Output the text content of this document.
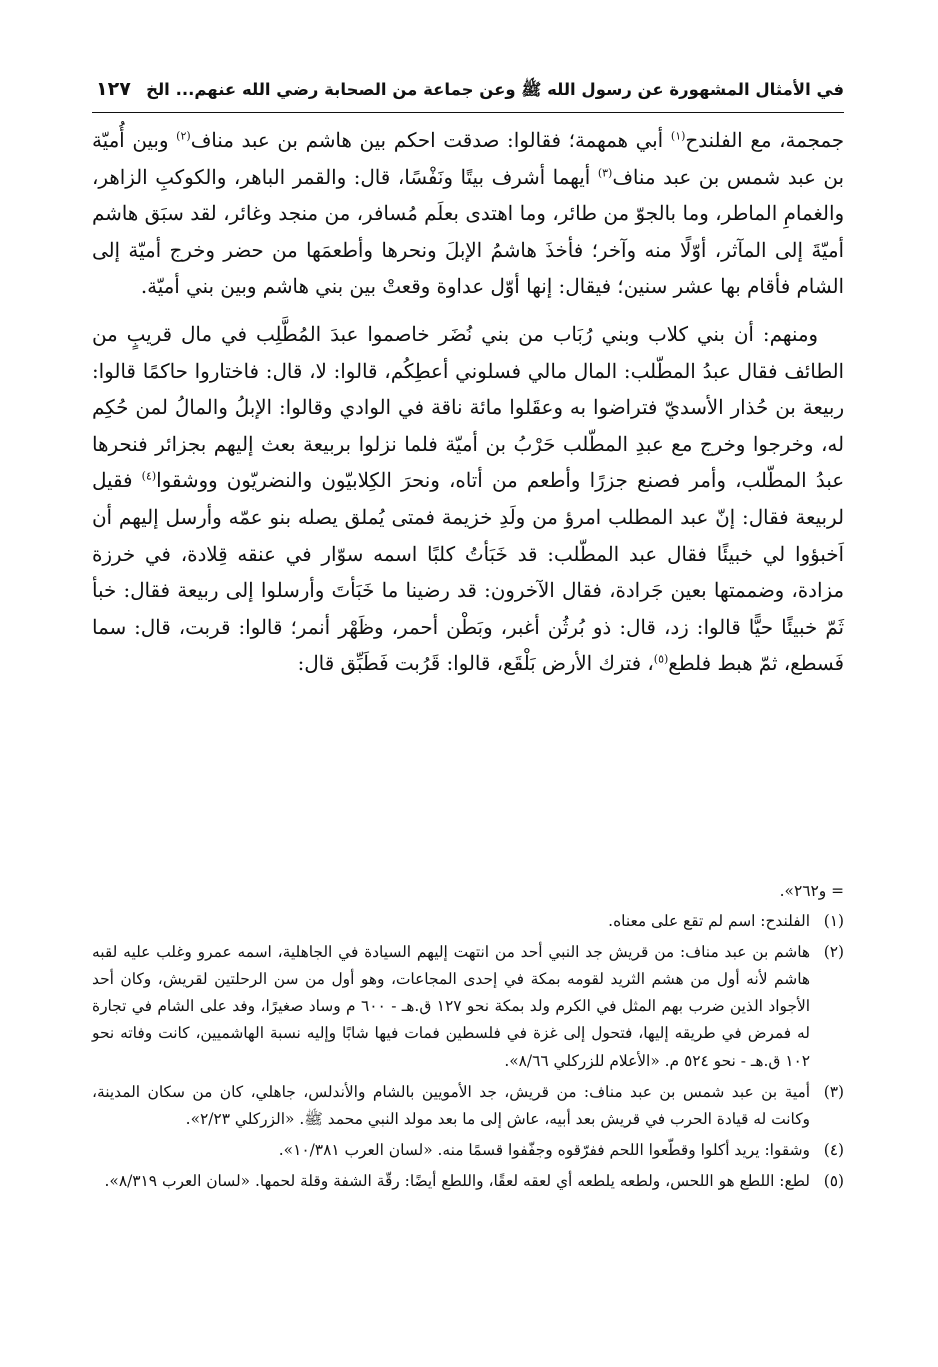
في الأمثال المشهورة عن رسول الله ﷺ وعن جماعة من الصحابة رضي الله عنهم... الخ
١٢٧

جمجمة، مع الفلندح$^{(١)}$ أبي همهمة؛ فقالوا: صدقت احكم بين هاشم بن عبد مناف$^{(٢)}$ وبين أُميّة بن عبد شمس بن عبد مناف$^{(٣)}$ أيهما أشرف بيتًا ونَفْسًا، قال: والقمر الباهر، والكوكبِ الزاهر، والغمامِ الماطر، وما بالجوّ من طائر، وما اهتدى بعلَم مُسافر، من منجد وغائر، لقد سبَق هاشم أميّةَ إلى المآثر، أوّلًا منه وآخر؛ فأخذَ هاشمُ الإبلَ ونحرها وأطعمَها من حضر وخرج أميّة إلى الشام فأقام بها عشر سنين؛ فيقال: إنها أوّل عداوة وقعتْ بين بني هاشم وبين بني أميّة.

ومنهم: أن بني كلاب وبني رُبَاب من بني نُضَر خاصموا عبدَ المُطَّلِب في مال قريبٍ من الطائف فقال عبدُ المطّلب: المال مالي فسلوني أعطِكُم، قالوا: لا، قال: فاختاروا حاكمًا قالوا: ربيعة بن حُذار الأسديّ فتراضوا به وعقَلوا مائة ناقة في الوادي وقالوا: الإبلُ والمالُ لمن حُكِم له، وخرجوا وخرج مع عبدِ المطّلب حَرْبُ بن أميّة فلما نزلوا بربيعة بعث إليهم بجزائر فنحرها عبدُ المطّلب، وأمر فصنع جزرًا وأطعم من أتاه، ونحرَ الكِلابيّون والنضريّون ووشقوا$^{(٤)}$ فقيل لربيعة فقال: إنّ عبد المطلب امرؤ من ولَدِ خزيمة فمتى يُملق يصله بنو عمّه وأرسل إليهم أن اَخبؤوا لي خبيئًا فقال عبد المطّلب: قد خَبَأتُ كلبًا اسمه سوّار في عنقه قِلادة، في خرزة مزادة، وضممتها بعين جَرادة، فقال الآخرون: قد رضينا ما خَبَأتَ وأرسلوا إلى ربيعة فقال: خبأ ثَمّ خبيئًا حيًّا قالوا: زد، قال: ذو بُرثُن أغبر، وبَطْن أحمر، وظَهْر أنمر؛ قالوا: قربت، قال: سما فَسطع، ثمّ هبط فلطع$^{(٥)}$، فترك الأرض بَلْقَع، قالوا: قَرُبت فَطَبِّق قال:

= و٢٦٢».

(١)
الفلندح: اسم لم تقع على معناه.
(٢)
هاشم بن عبد مناف: من قريش جد النبي أحد من انتهت إليهم السيادة في الجاهلية، اسمه عمرو وغلب عليه لقبه هاشم لأنه أول من هشم الثريد لقومه بمكة في إحدى المجاعات، وهو أول من سن الرحلتين لقريش، وكان أحد الأجواد الذين ضرب بهم المثل في الكرم ولد بمكة نحو ١٢٧ ق.هـ - ٦٠٠ م وساد صغيرًا، وفد على الشام في تجارة له فمرض في طريقه إليها، فتحول إلى غزة في فلسطين فمات فيها شابًا وإليه نسبة الهاشميين، كانت وفاته نحو ١٠٢ ق.هـ - نحو ٥٢٤ م. «الأعلام للزركلي ٨/٦٦».
(٣)
أمية بن عبد شمس بن عبد مناف: من قريش، جد الأمويين بالشام والأندلس، جاهلي، كان من سكان المدينة، وكانت له قيادة الحرب في قريش بعد أبيه، عاش إلى ما بعد مولد النبي محمد ﷺ. «الزركلي ٢/٢٣».
(٤)
وشقوا: يريد أكلوا وقطّعوا اللحم ففرّقوه وجفّفوا قسمًا منه. «لسان العرب ١٠/٣٨١».
(٥)
لطع: اللطع هو اللحس، ولطعه يلطعه أي لعقه لعقًا، واللطع أيضًا: رقّة الشفة وقلة لحمها. «لسان العرب ٨/٣١٩».
